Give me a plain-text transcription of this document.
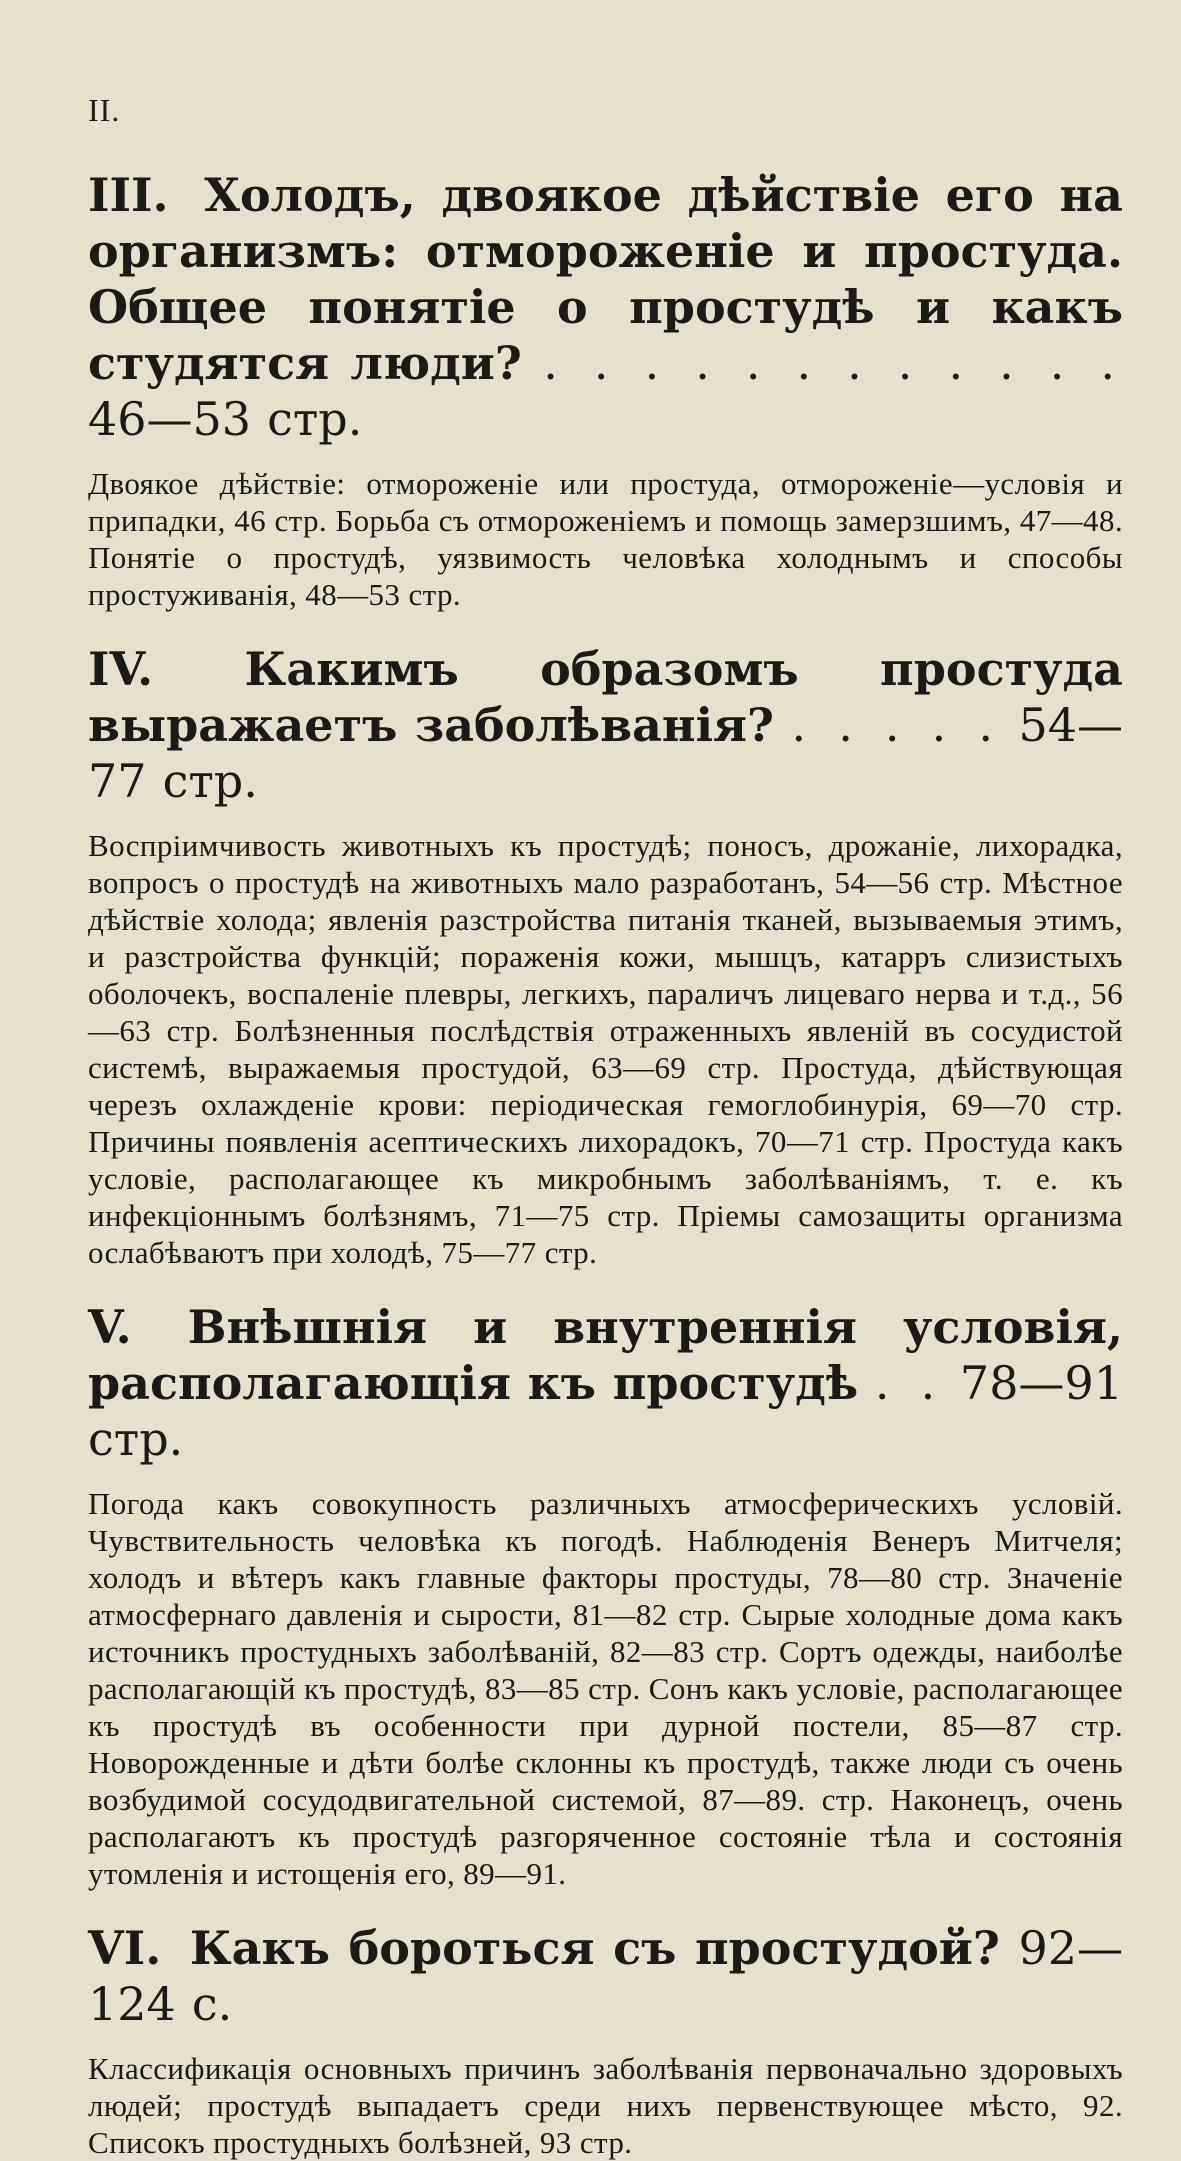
II.
III. Холодъ, двоякое дѣйствіе его на организмъ: отмороженіе и простуда. Общее понятіе о простудѣ и какъ студятся люди? . . . . . . . . . . . . 46—53 стр.

Двоякое дѣйствіе: отмороженіе или простуда, отмороженіе—условія и припадки, 46 стр. Борьба съ отмороженіемъ и помощь замерзшимъ, 47—48. Понятіе о простудѣ, уязвимость человѣка холоднымъ и способы простуживанія, 48—53 стр.

IV. Какимъ образомъ простуда выражаетъ заболѣванія? . . . . . 54—77 стр.

Воспріимчивость животныхъ къ простудѣ; поносъ, дрожаніе, лихорадка, вопросъ о простудѣ на животныхъ мало разработанъ, 54—56 стр. Мѣстное дѣйствіе холода; явленія разстройства питанія тканей, вызываемыя этимъ, и разстройства функцій; пораженія кожи, мышцъ, катарръ слизистыхъ оболочекъ, воспаленіе плевры, легкихъ, параличъ лицеваго нерва и т.д., 56—63 стр. Болѣзненныя послѣдствія отраженныхъ явленій въ сосудистой системѣ, выражаемыя простудой, 63—69 стр. Простуда, дѣйствующая черезъ охлажденіе крови: періодическая гемоглобинурія, 69—70 стр. Причины появленія асептическихъ лихорадокъ, 70—71 стр. Простуда какъ условіе, располагающее къ микробнымъ заболѣваніямъ, т. е. къ инфекціоннымъ болѣзнямъ, 71—75 стр. Пріемы самозащиты организма ослабѣваютъ при холодѣ, 75—77 стр.

V. Внѣшнія и внутреннія условія, располагающія къ простудѣ . . 78—91 стр.

Погода какъ совокупность различныхъ атмосферическихъ условій. Чувствительность человѣка къ погодѣ. Наблюденія Венеръ Митчеля; холодъ и вѣтеръ какъ главные факторы простуды, 78—80 стр. Значеніе атмосфернаго давленія и сырости, 81—82 стр. Сырые холодные дома какъ источникъ простудныхъ заболѣваній, 82—83 стр. Сортъ одежды, наиболѣе располагающій къ простудѣ, 83—85 стр. Сонъ какъ условіе, располагающее къ простудѣ въ особенности при дурной постели, 85—87 стр. Новорожденные и дѣти болѣе склонны къ простудѣ, также люди съ очень возбудимой сосудодвигательной системой, 87—89. стр. Наконецъ, очень располагаютъ къ простудѣ разгоряченное состояніе тѣла и состоянія утомленія и истощенія его, 89—91.

VI. Какъ бороться съ простудой? 92—124 с.

Классификація основныхъ причинъ заболѣванія первоначально здоровыхъ людей; простудѣ выпадаетъ среди нихъ первенствующее мѣсто, 92. Списокъ простудныхъ болѣзней, 93 стр.
